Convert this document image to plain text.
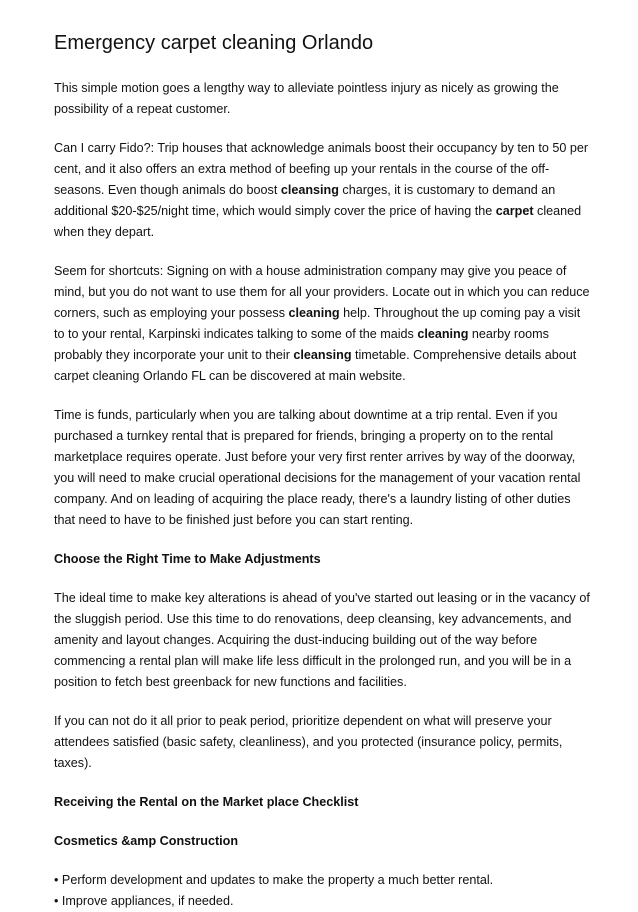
Emergency carpet cleaning Orlando

This simple motion goes a lengthy way to alleviate pointless injury as nicely as growing the possibility of a repeat customer.

Can I carry Fido?: Trip houses that acknowledge animals boost their occupancy by ten to 50 per cent, and it also offers an extra method of beefing up your rentals in the course of the off-seasons. Even though animals do boost cleansing charges, it is customary to demand an additional $20-$25/night time, which would simply cover the price of having the carpet cleaned when they depart.

Seem for shortcuts: Signing on with a house administration company may give you peace of mind, but you do not want to use them for all your providers. Locate out in which you can reduce corners, such as employing your possess cleaning help. Throughout the up coming pay a visit to to your rental, Karpinski indicates talking to some of the maids cleaning nearby rooms probably they incorporate your unit to their cleansing timetable. Comprehensive details about carpet cleaning Orlando FL can be discovered at main website.

Time is funds, particularly when you are talking about downtime at a trip rental. Even if you purchased a turnkey rental that is prepared for friends, bringing a property on to the rental marketplace requires operate. Just before your very first renter arrives by way of the doorway, you will need to make crucial operational decisions for the management of your vacation rental company. And on leading of acquiring the place ready, there's a laundry listing of other duties that need to have to be finished just before you can start renting.

Choose the Right Time to Make Adjustments

The ideal time to make key alterations is ahead of you've started out leasing or in the vacancy of the sluggish period. Use this time to do renovations, deep cleansing, key advancements, and amenity and layout changes. Acquiring the dust-inducing building out of the way before commencing a rental plan will make life less difficult in the prolonged run, and you will be in a position to fetch best greenback for new functions and facilities.

If you can not do it all prior to peak period, prioritize dependent on what will preserve your attendees satisfied (basic safety, cleanliness), and you protected (insurance policy, permits, taxes).

Receiving the Rental on the Market place Checklist

Cosmetics &amp Construction

• Perform development and updates to make the property a much better rental.
• Improve appliances, if needed.
